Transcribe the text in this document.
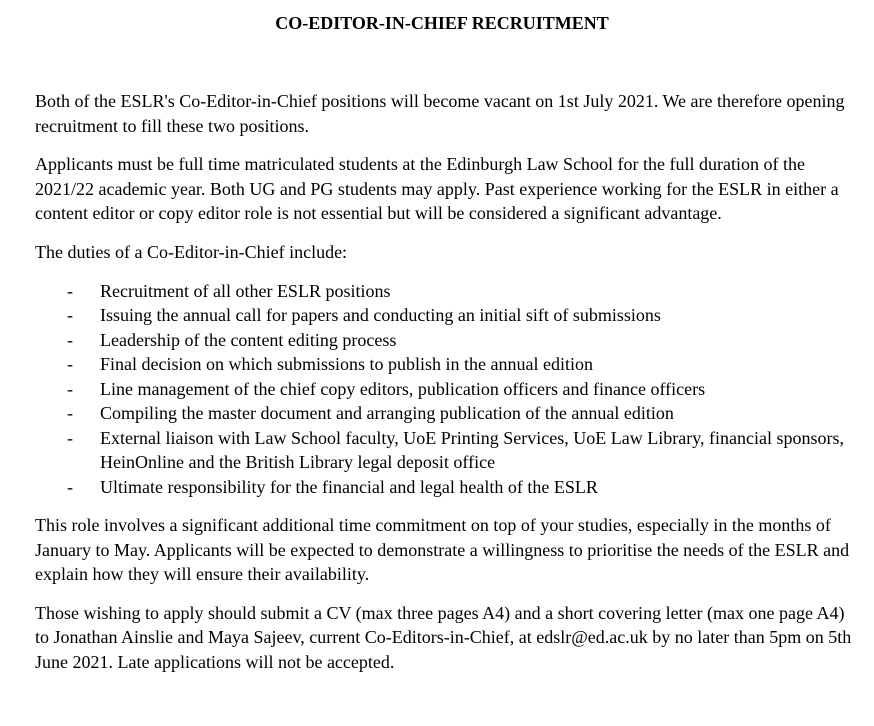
CO-EDITOR-IN-CHIEF RECRUITMENT

Both of the ESLR's Co-Editor-in-Chief positions will become vacant on 1st July 2021. We are therefore opening recruitment to fill these two positions.

Applicants must be full time matriculated students at the Edinburgh Law School for the full duration of the 2021/22 academic year. Both UG and PG students may apply. Past experience working for the ESLR in either a content editor or copy editor role is not essential but will be considered a significant advantage.

The duties of a Co-Editor-in-Chief include:

- Recruitment of all other ESLR positions
- Issuing the annual call for papers and conducting an initial sift of submissions
- Leadership of the content editing process
- Final decision on which submissions to publish in the annual edition
- Line management of the chief copy editors, publication officers and finance officers
- Compiling the master document and arranging publication of the annual edition
- External liaison with Law School faculty, UoE Printing Services, UoE Law Library, financial sponsors, HeinOnline and the British Library legal deposit office
- Ultimate responsibility for the financial and legal health of the ESLR

This role involves a significant additional time commitment on top of your studies, especially in the months of January to May. Applicants will be expected to demonstrate a willingness to prioritise the needs of the ESLR and explain how they will ensure their availability.

Those wishing to apply should submit a CV (max three pages A4) and a short covering letter (max one page A4) to Jonathan Ainslie and Maya Sajeev, current Co-Editors-in-Chief, at edslr@ed.ac.uk by no later than 5pm on 5th June 2021. Late applications will not be accepted.
